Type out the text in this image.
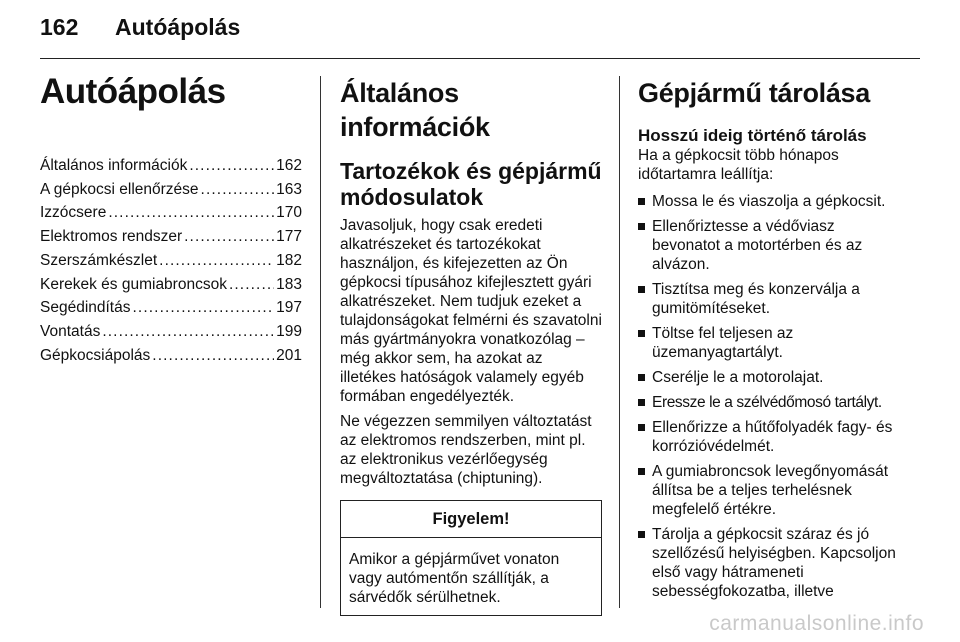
162 Autóápolás
Autóápolás
Általános információk . . .	162
A gépkocsi ellenőrzése . . .	163
Izzócsere . . .	170
Elektromos rendszer . . .	177
Szerszámkészlet . . .	182
Kerekek és gumiabroncsok . . .	183
Segédindítás . . .	197
Vontatás . . .	199
Gépkocsiápolás . . .	201
Általános információk
Tartozékok és gépjármű módosulatok

Javasoljuk, hogy csak eredeti alkatrészeket és tartozékokat használjon, és kifejezetten az Ön gépkocsi típusához kifejlesztett gyári alkatrészeket. Nem tudjuk ezeket a tulajdonságokat felmérni és szavatolni más gyártmányokra vonatkozólag – még akkor sem, ha azokat az illetékes hatóságok valamely egyéb formában engedélyezték.

Ne végezzen semmilyen változtatást az elektromos rendszerben, mint pl. az elektronikus vezérlőegység megváltoztatása (chiptuning).

Figyelem!
Amikor a gépjárművet vonaton vagy autómentőn szállítják, a sárvédők sérülhetnek.
Gépjármű tárolása
Hosszú ideig történő tárolás

Ha a gépkocsit több hónapos időtartamra leállítja:

Mossa le és viaszolja a gépkocsit.
Ellenőriztesse a védőviasz bevonatot a motortérben és az alvázon.
Tisztítsa meg és konzerválja a gumitömítéseket.
Töltse fel teljesen az üzemanyagtartályt.
Cserélje le a motorolajat.
Eressze le a szélvédőmosó tartályt.
Ellenőrizze a hűtőfolyadék fagy- és korrózióvédelmét.
A gumiabroncsok levegőnyomását állítsa be a teljes terhelésnek megfelelő értékre.
Tárolja a gépkocsit száraz és jó szellőzésű helyiségben. Kapcsoljon első vagy hátrameneti sebességfokozatba, illetve
carmanualsonline.info
